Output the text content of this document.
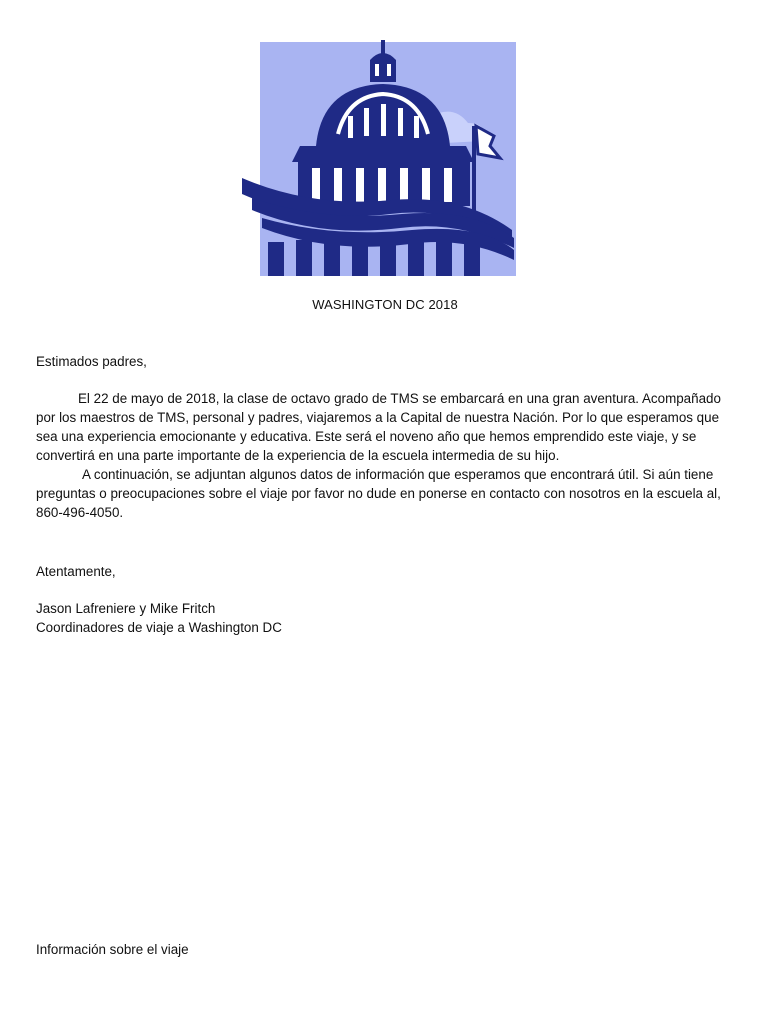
WASHINGTON DC 2018
Estimados padres,

El 22 de mayo de 2018, la clase de octavo grado de TMS se embarcará en una gran aventura. Acompañado por los maestros de TMS, personal y padres, viajaremos a la Capital de nuestra Nación. Por lo que esperamos que sea una experiencia emocionante y educativa. Este será el noveno año que hemos emprendido este viaje, y se convertirá en una parte importante de la experiencia de la escuela intermedia de su hijo.

A continuación, se adjuntan algunos datos de información que esperamos que encontrará útil. Si aún tiene preguntas o preocupaciones sobre el viaje por favor no dude en ponerse en contacto con nosotros en la escuela al, 860-496-4050.

Atentamente,
Jason Lafreniere y Mike Fritch
Coordinadores de viaje a Washington DC
Información sobre el viaje
